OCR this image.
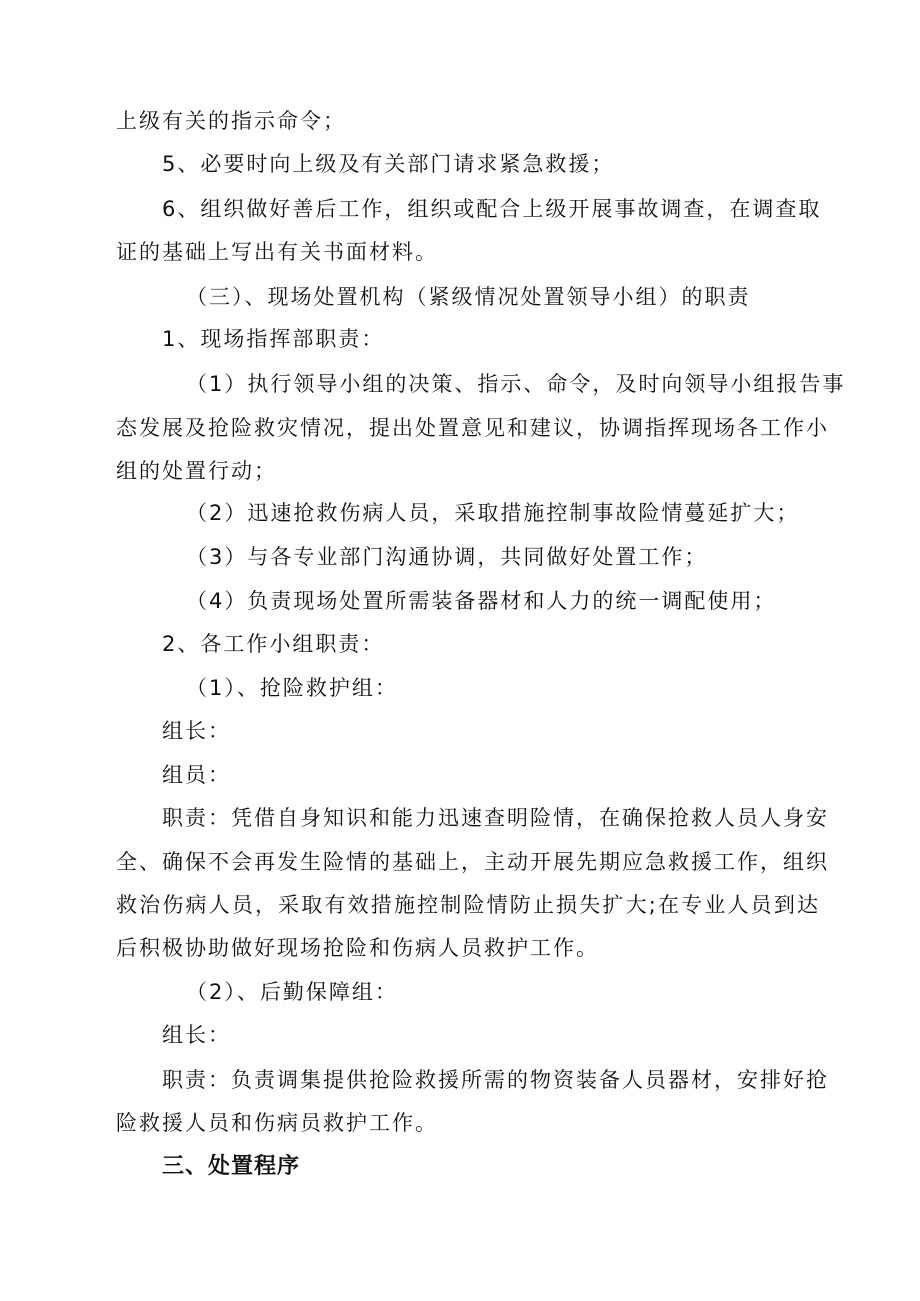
上级有关的指示命令；
5、必要时向上级及有关部门请求紧急救援；
6、组织做好善后工作，组织或配合上级开展事故调查，在调查取
证的基础上写出有关书面材料。
（三）、现场处置机构（紧级情况处置领导小组）的职责
1、现场指挥部职责：
（1）执行领导小组的决策、指示、命令，及时向领导小组报告事
态发展及抢险救灾情况，提出处置意见和建议，协调指挥现场各工作小
组的处置行动；
（2）迅速抢救伤病人员，采取措施控制事故险情蔓延扩大；
（3）与各专业部门沟通协调，共同做好处置工作；
（4）负责现场处置所需装备器材和人力的统一调配使用；
2、各工作小组职责：
（1）、抢险救护组：
组长：
组员：
职责：凭借自身知识和能力迅速查明险情，在确保抢救人员人身安
全、确保不会再发生险情的基础上，主动开展先期应急救援工作，组织
救治伤病人员，采取有效措施控制险情防止损失扩大;在专业人员到达
后积极协助做好现场抢险和伤病人员救护工作。
（2）、后勤保障组：
组长：
职责：负责调集提供抢险救援所需的物资装备人员器材，安排好抢
险救援人员和伤病员救护工作。
三、处置程序
